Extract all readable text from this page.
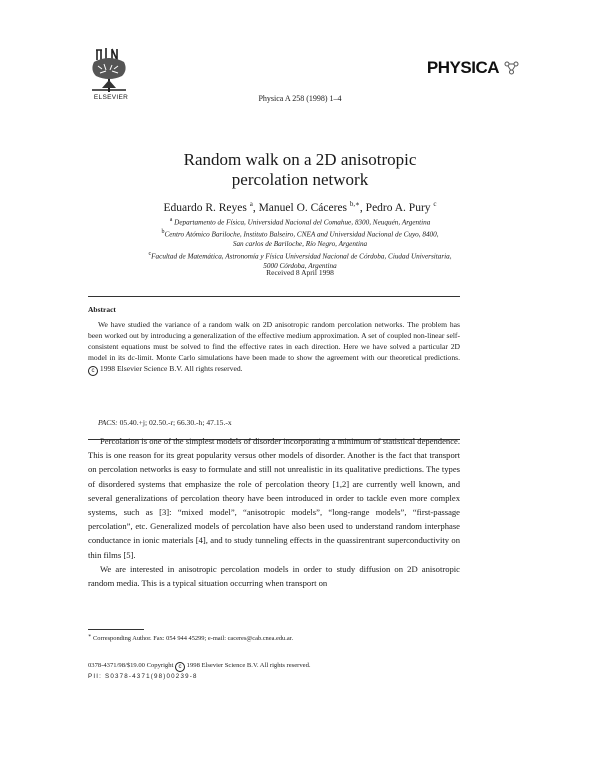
ELSEVIER	Physica A 258 (1998) 1–4
PHYSICA
Random walk on a 2D anisotropic
percolation network
Eduardo R. Reyes $^a$, Manuel O. Cáceres $^{b,∗}$, Pedro A. Pury $^c$
$^a$ Departamento de Física, Universidad Nacional del Comahue, 8300, Neuquén, Argentina
$^b$Centro Atómico Bariloche, Instituto Balseiro, CNEA and Universidad Nacional de Cuyo, 8400,
San carlos de Bariloche, Río Negro, Argentina
$^c$Facultad de Matemática, Astronomía y Física Universidad Nacional de Córdoba, Ciudad Universitaria,
5000 Córdoba, Argentina
Received 8 April 1998
Abstract
We have studied the variance of a random walk on 2D anisotropic random percolation networks. The problem has been worked out by introducing a generalization of the effective medium approximation. A set of coupled non-linear self-consistent equations must be solved to find the effective rates in each direction. Here we have solved a particular 2D model in its dc-limit. Monte Carlo simulations have been made to show the agreement with our theoretical predictions. c 1998 Elsevier Science B.V. All rights reserved.
PACS: 05.40.+j; 02.50.-r; 66.30.-h; 47.15.-x

Percolation is one of the simplest models of disorder incorporating a minimum of statistical dependence. This is one reason for its great popularity versus other models of disorder. Another is the fact that transport on percolation networks is easy to formulate and still not unrealistic in its qualitative predictions. The types of disordered systems that emphasize the role of percolation theory [1,2] are currently well known, and several generalizations of percolation theory have been introduced in order to tackle even more complex systems, such as [3]: “mixed model”, “anisotropic models”, “long-range models”, “first-passage percolation”, etc. Generalized models of percolation have also been used to understand random interphase conductance in ionic materials [4], and to study tunneling effects in the quassirentrant superconductivity on thin films [5].

We are interested in anisotropic percolation models in order to study diffusion on 2D anisotropic random media. This is a typical situation occurring when transport on

∗ Corresponding Author. Fax: 054 944 45299; e-mail: caceres@cab.cnea.edu.ar.
0378-4371/98/$19.00 Copyright c 1998 Elsevier Science B.V. All rights reserved.
PII: S0378-4371(98)00239-8
